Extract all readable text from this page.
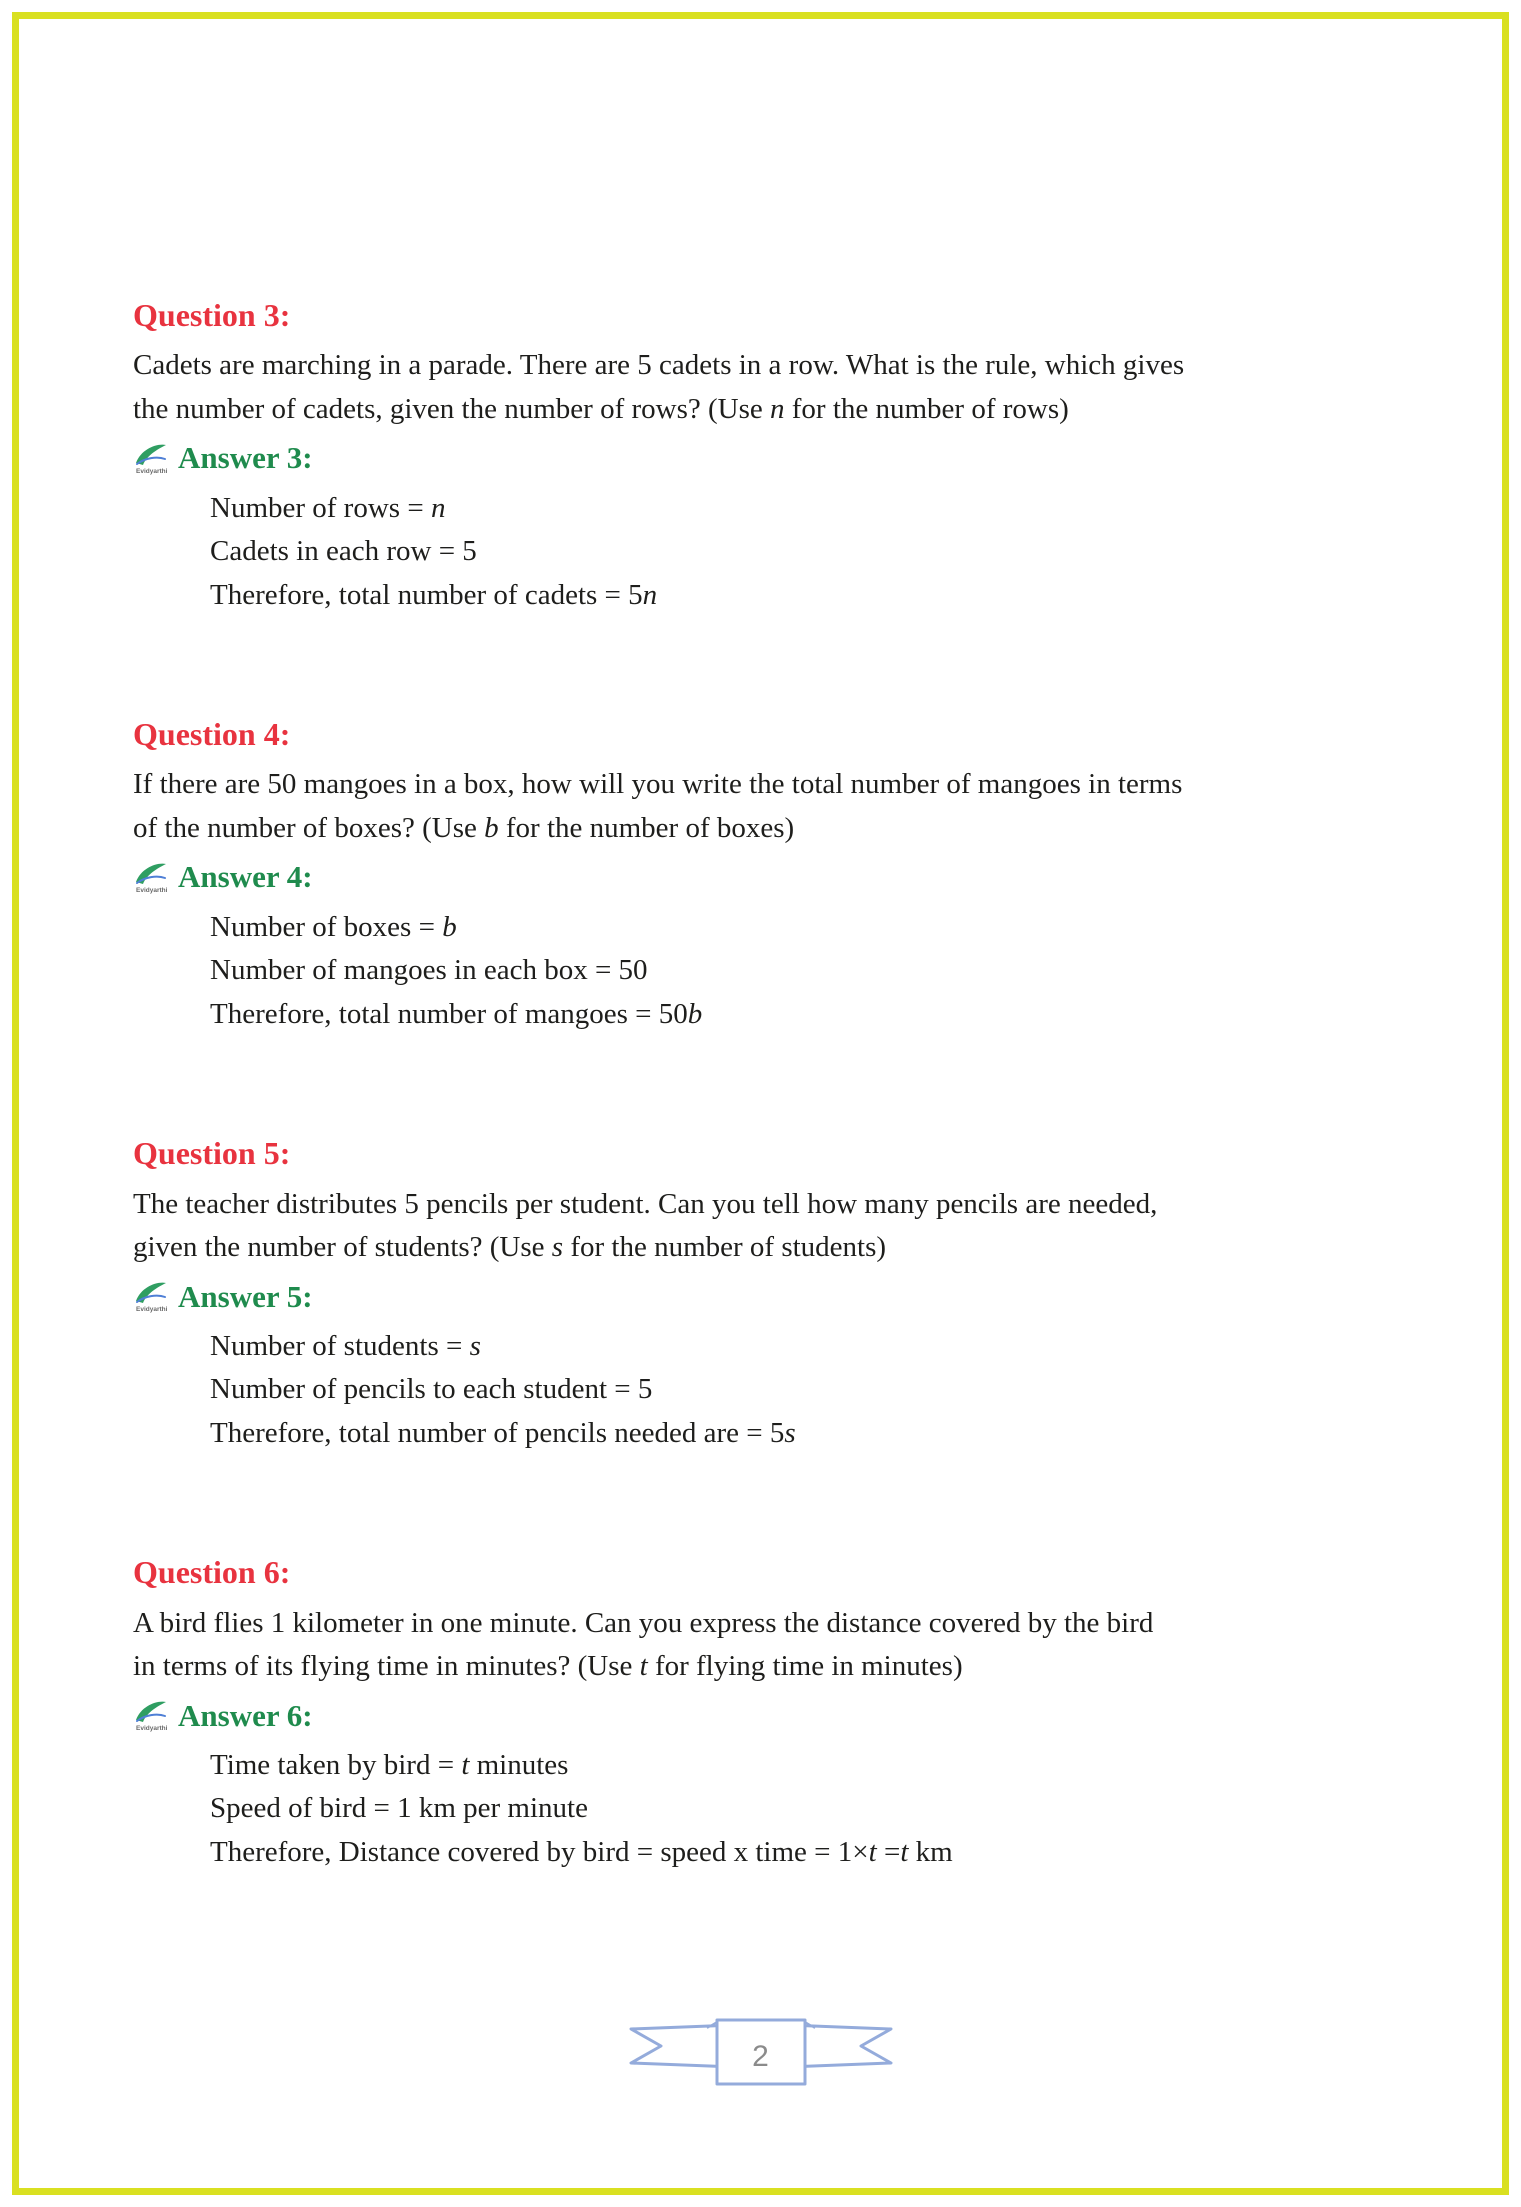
Question 3:

Cadets are marching in a parade. There are 5 cadets in a row. What is the rule, which gives

the number of cadets, given the number of rows? (Use n for the number of rows)

Evidyarthi Answer 3:

Number of rows = n

Cadets in each row = 5

Therefore, total number of cadets = 5n

Question 4:

If there are 50 mangoes in a box, how will you write the total number of mangoes in terms

of the number of boxes? (Use b for the number of boxes)

Evidyarthi Answer 4:

Number of boxes = b

Number of mangoes in each box = 50

Therefore, total number of mangoes = 50b

Question 5:

The teacher distributes 5 pencils per student. Can you tell how many pencils are needed,

given the number of students? (Use s for the number of students)

Evidyarthi Answer 5:

Number of students = s

Number of pencils to each student = 5

Therefore, total number of pencils needed are = 5s

Question 6:

A bird flies 1 kilometer in one minute. Can you express the distance covered by the bird

in terms of its flying time in minutes? (Use t for flying time in minutes)

Evidyarthi Answer 6:

Time taken by bird = t minutes

Speed of bird = 1 km per minute

Therefore, Distance covered by bird = speed x time = 1×t =t km

2
